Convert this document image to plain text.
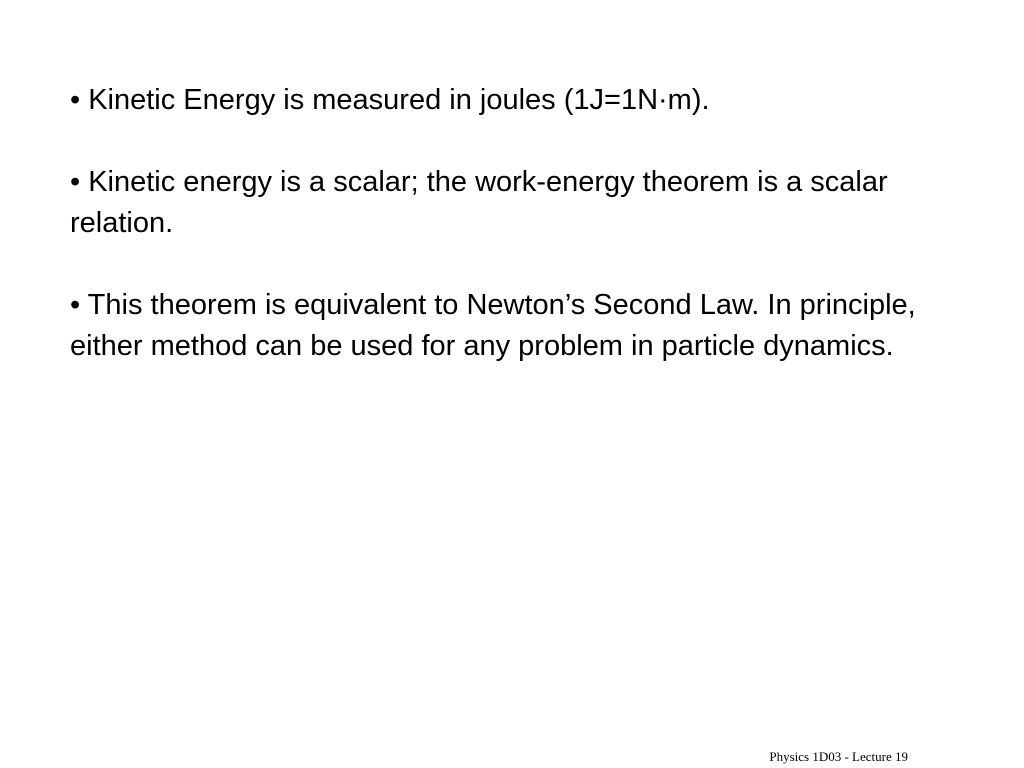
• Kinetic Energy is measured in joules (1J=1N·m).

• Kinetic energy is a scalar; the work-energy theorem is a scalar relation.

• This theorem is equivalent to Newton’s Second Law. In principle, either method can be used for any problem in particle dynamics.

Physics 1D03 - Lecture 19
